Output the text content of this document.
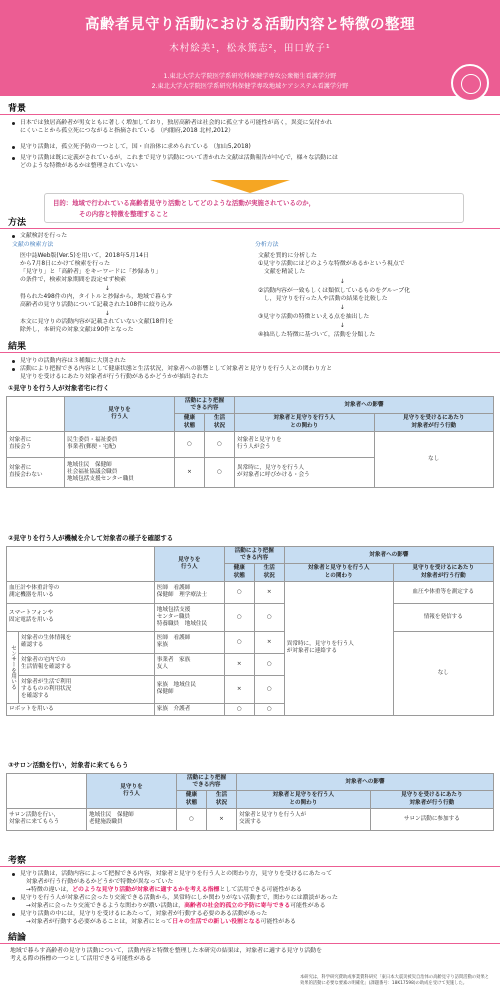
高齢者見守り活動における活動内容と特徴の整理
木村絵美¹，松永篤志²，田口敦子¹
1.東北大学大学院医学系研究科保健学専攻公衆衛生看護学分野
2.東北大学大学院医学系研究科保健学専攻地域ケアシステム看護学分野
背景
日本では独居高齢者が男女ともに著しく増加しており，独居高齢者は社会的に孤立する可能性が高く，異変に気付かれ
にくいことから孤立死につながると指摘されている （内閣府,2018 北村,2012）
見守り活動は，孤立死予防の一つとして，国・自治体に求められている （加山5,2018)
見守り活動は既に定義がされているが，これまで見守り活動について書かれた文献は活動報告が中心で，様々な活動には
どのような特徴があるかは整理されていない
目的：地域で行われている高齢者見守り活動としてどのような活動が実施されているのか，
その内容と特徴を整理すること
方法
文献検討を行った
文献の検索方法
医中誌Web版(Ver.5)を用いて，2018年5月14日
から7月8日にかけて検索を行った
「見守り」と「高齢者」をキーワードに「抄録あり」
の条件で，検索対象期間を設定せず検索
↓
得られた498件の内，タイトルと抄録から，地域で暮らす
高齢者の見守り活動について記載された108件に絞り込み
↓
本文に見守りの活動内容が記載されていない文献(18件)を
除外し，本研究の対象文献は90件となった
分析方法
文献を質的に分析した
①見守り活動にはどのような特徴があるかという視点で
　文献を精読した
↓
②活動内容が一致もしくは類似しているものをグループ化
　し，見守りを行った人や活動の結果を比較した
↓
③見守り活動の特徴といえる点を抽出した
↓
④抽出した特徴に基づいて，活動を分類した
結果
見守りの活動内容は３種類に大別された
活動により把握できる内容として健康状態と生活状況，対象者への影響として対象者と見守りを行う人との関わり方と
見守りを受けるにあたり対象者が行う行動があるかどうかが抽出された
①見守りを行う人が対象者宅に行く
	見守りを
行う人	活動により把握
できる内容		対象者への影響	
		健康
状態	生活
状況	対象者と見守りを行う人
との関わり	見守りを受けるにあたり
対象者が行う行動
対象者に
直接会う	民生委員・福祉委員
事業者(郵便・宅配)	○	○	対象者と見守りを
行う人が会う	なし
対象者に
直接会わない	地域住民　保健師
社会福祉協議会職員
地域包括支援センター職員	×	○	異常時に，見守りを行う人
が対象者に呼びかける・会う	
②見守りを行う人が機械を介して対象者の様子を確認する
		見守りを
行う人	活動により把握
できる内容		対象者への影響	
			健康
状態	生活
状況	対象者と見守りを行う人
との関わり	見守りを受けるにあたり
対象者が行う行動
血圧計や体重計等の
測定機器を用いる		医師　看護師
保健師　理学療法士	○	×	異常時に，見守りを行う人
が対象者に連絡する	血圧や体重等を測定する
スマートフォンや
固定電話を用いる		地域包括支援
センター職員
特養職員　地域住民	○	○		情報を発信する
センサーを用いる	対象者の生体情報を
確認する	医師　看護師
家族	○	×		なし
	対象者の宅内での
生活情報を確認する	事業者　家族
友人	×	○		
	対象者が生活で利用
するものの利用状況
を確認する	家族　地域住民
保健師	×	○		
ロボットを用いる		家族　介護者	○	○		
③サロン活動を行い，対象者に来てもらう
	見守りを
行う人	活動により把握
できる内容		対象者への影響	
		健康
状態	生活
状況	対象者と見守りを行う人
との関わり	見守りを受けるにあたり
対象者が行う行動
サロン活動を行い，
対象者に来てもらう	地域住民　保健師
老健施設職員	○	×	対象者と見守りを行う人が
交流する	サロン活動に参加する
考察
見守り活動は，活動内容によって把握できる内容，対象者と見守りを行う人との関わり方，見守りを受けるにあたって
対象者が行う行動があるかどうかで特徴が異なっていた
→特徴の違いは，どのような見守り活動が対象者に適するかを考える指標として活用できる可能性がある
見守りを行う人が対象者に会ったり交流できる活動から，異常時にしか関わりがない活動まで，関わりには濃淡があった
→対象者に会ったり交流できるような関わりが濃い活動は，高齢者の社会的孤立の予防に寄与できる可能性がある
見守り活動の中には，見守りを受けるにあたって，対象者が行動する必要のある活動があった
→対象者が行動する必要があることは，対象者にとって日々の生活での新しい役割となる可能性がある
結論
地域で暮らす高齢者の見守り活動について，活動内容と特徴を整理した本研究の結果は，対象者に適する見守り活動を
考える際の指標の一つとして活用できる可能性がある
本研究は，科学研究費助成事業費科研究「東日本大震災被災自治体の高齢見守り訪問活動の効果と
効果的活動に必要な要素の明確化」(課題番号：18K17598)の助成を受けて実施した。
